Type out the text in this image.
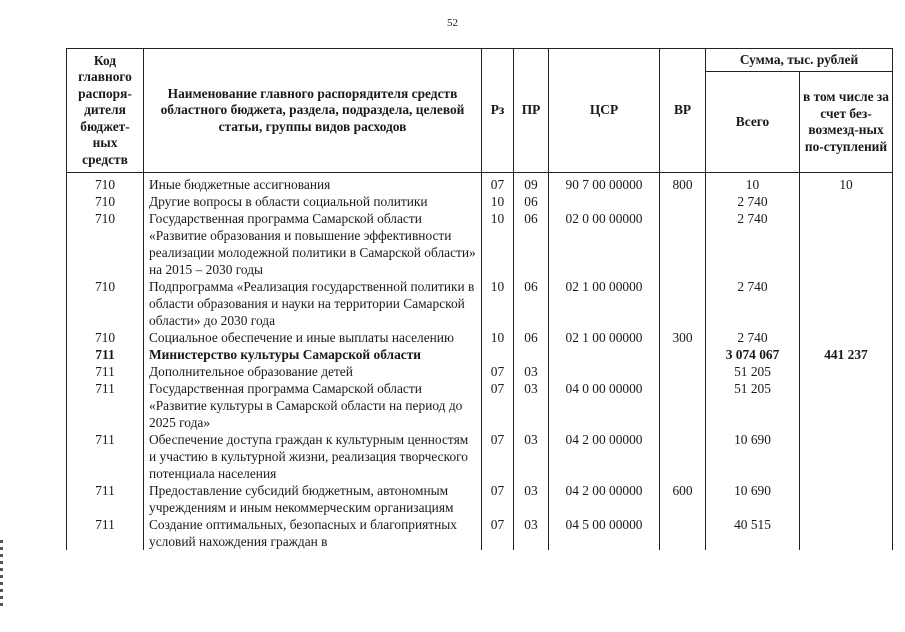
52
Код главного распоря-дителя бюджет-ных средств	Наименование главного распорядителя средств областного бюджета, раздела, подраздела, целевой статьи, группы видов расходов	Рз	ПР	ЦСР	ВР	Сумма, тыс. рублей	
						Всего	в том числе за счет без-возмезд-ных по-ступлений
710	Иные бюджетные ассигнования	07	09	90 7 00 00000	800	10	10
710	Другие вопросы в области социальной политики	10	06			2 740	
710	Государственная программа Самарской области «Развитие образования и повышение эффективности реализации молодежной политики в Самарской области» на 2015 – 2030 годы	10	06	02 0 00 00000		2 740	
710	Подпрограмма «Реализация государственной политики в области образования и науки на территории Самарской области» до 2030 года	10	06	02 1 00 00000		2 740	
710	Социальное обеспечение и иные выплаты населению	10	06	02 1 00 00000	300	2 740	
711	Министерство культуры Самарской области					3 074 067	441 237
711	Дополнительное образование детей	07	03			51 205	
711	Государственная программа Самарской области «Развитие культуры в Самарской области на период до 2025 года»	07	03	04 0 00 00000		51 205	
711	Обеспечение доступа граждан к культурным ценностям и участию в культурной жизни, реализация творческого потенциала населения	07	03	04 2 00 00000		10 690	
711	Предоставление субсидий бюджетным, автономным учреждениям и иным некоммерческим организациям	07	03	04 2 00 00000	600	10 690	
711	Создание оптимальных, безопасных и благоприятных условий нахождения граждан в	07	03	04 5 00 00000		40 515	
